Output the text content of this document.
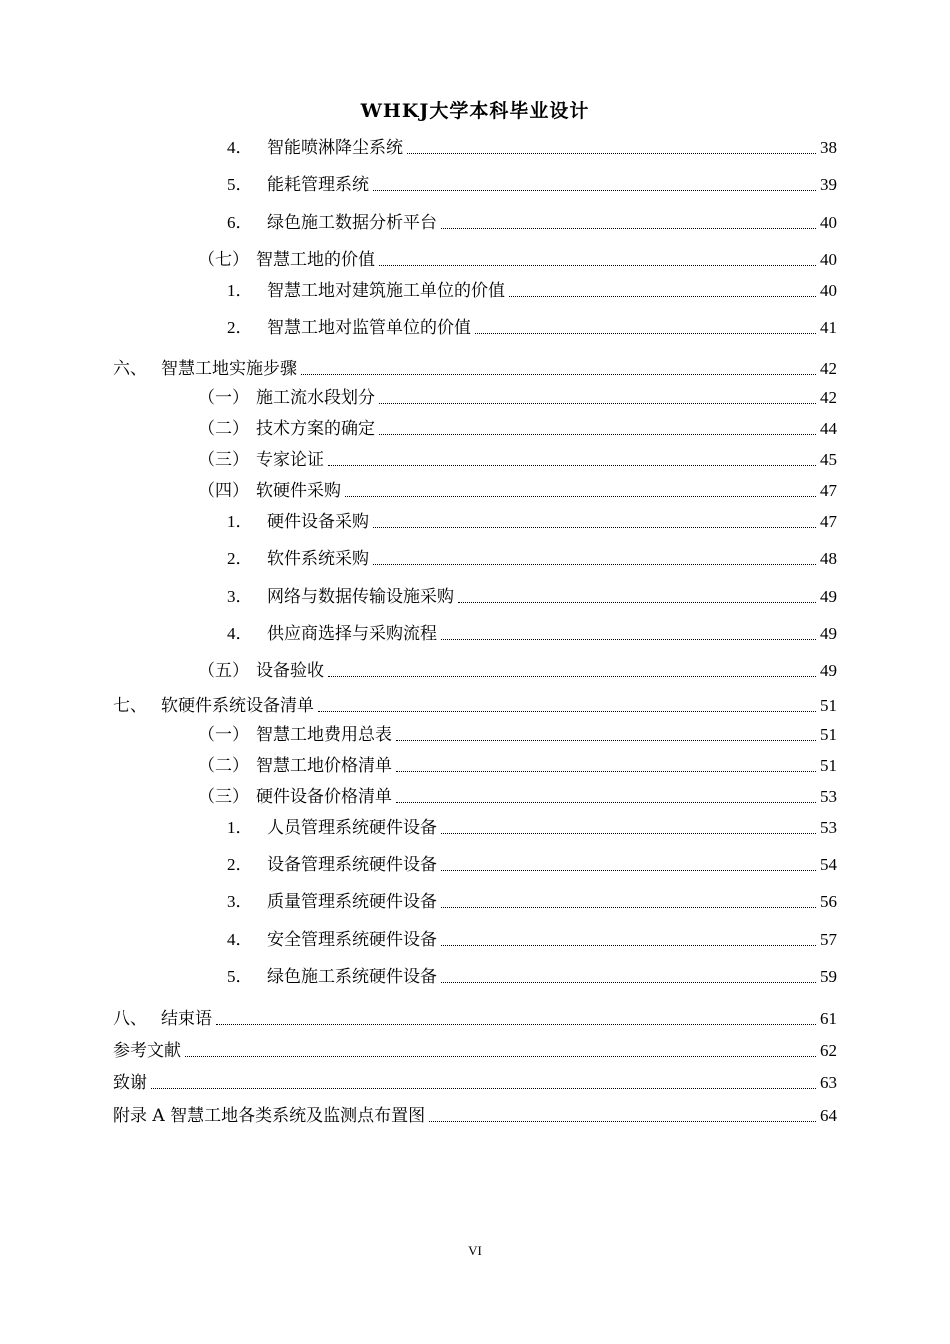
WHKJ大学本科毕业设计
4． 智能喷淋降尘系统	38
5． 能耗管理系统	39
6． 绿色施工数据分析平台	40
（七） 智慧工地的价值	40
1． 智慧工地对建筑施工单位的价值	40
2． 智慧工地对监管单位的价值	41
六、 智慧工地实施步骤	42
（一） 施工流水段划分	42
（二） 技术方案的确定	44
（三） 专家论证	45
（四） 软硬件采购	47
1． 硬件设备采购	47
2． 软件系统采购	48
3． 网络与数据传输设施采购	49
4． 供应商选择与采购流程	49
（五） 设备验收	49
七、 软硬件系统设备清单	51
（一） 智慧工地费用总表	51
（二） 智慧工地价格清单	51
（三） 硬件设备价格清单	53
1． 人员管理系统硬件设备	53
2． 设备管理系统硬件设备	54
3． 质量管理系统硬件设备	56
4． 安全管理系统硬件设备	57
5． 绿色施工系统硬件设备	59
八、 结束语	61
参考文献	62
致谢	63
附录 A 智慧工地各类系统及监测点布置图	64
VI
